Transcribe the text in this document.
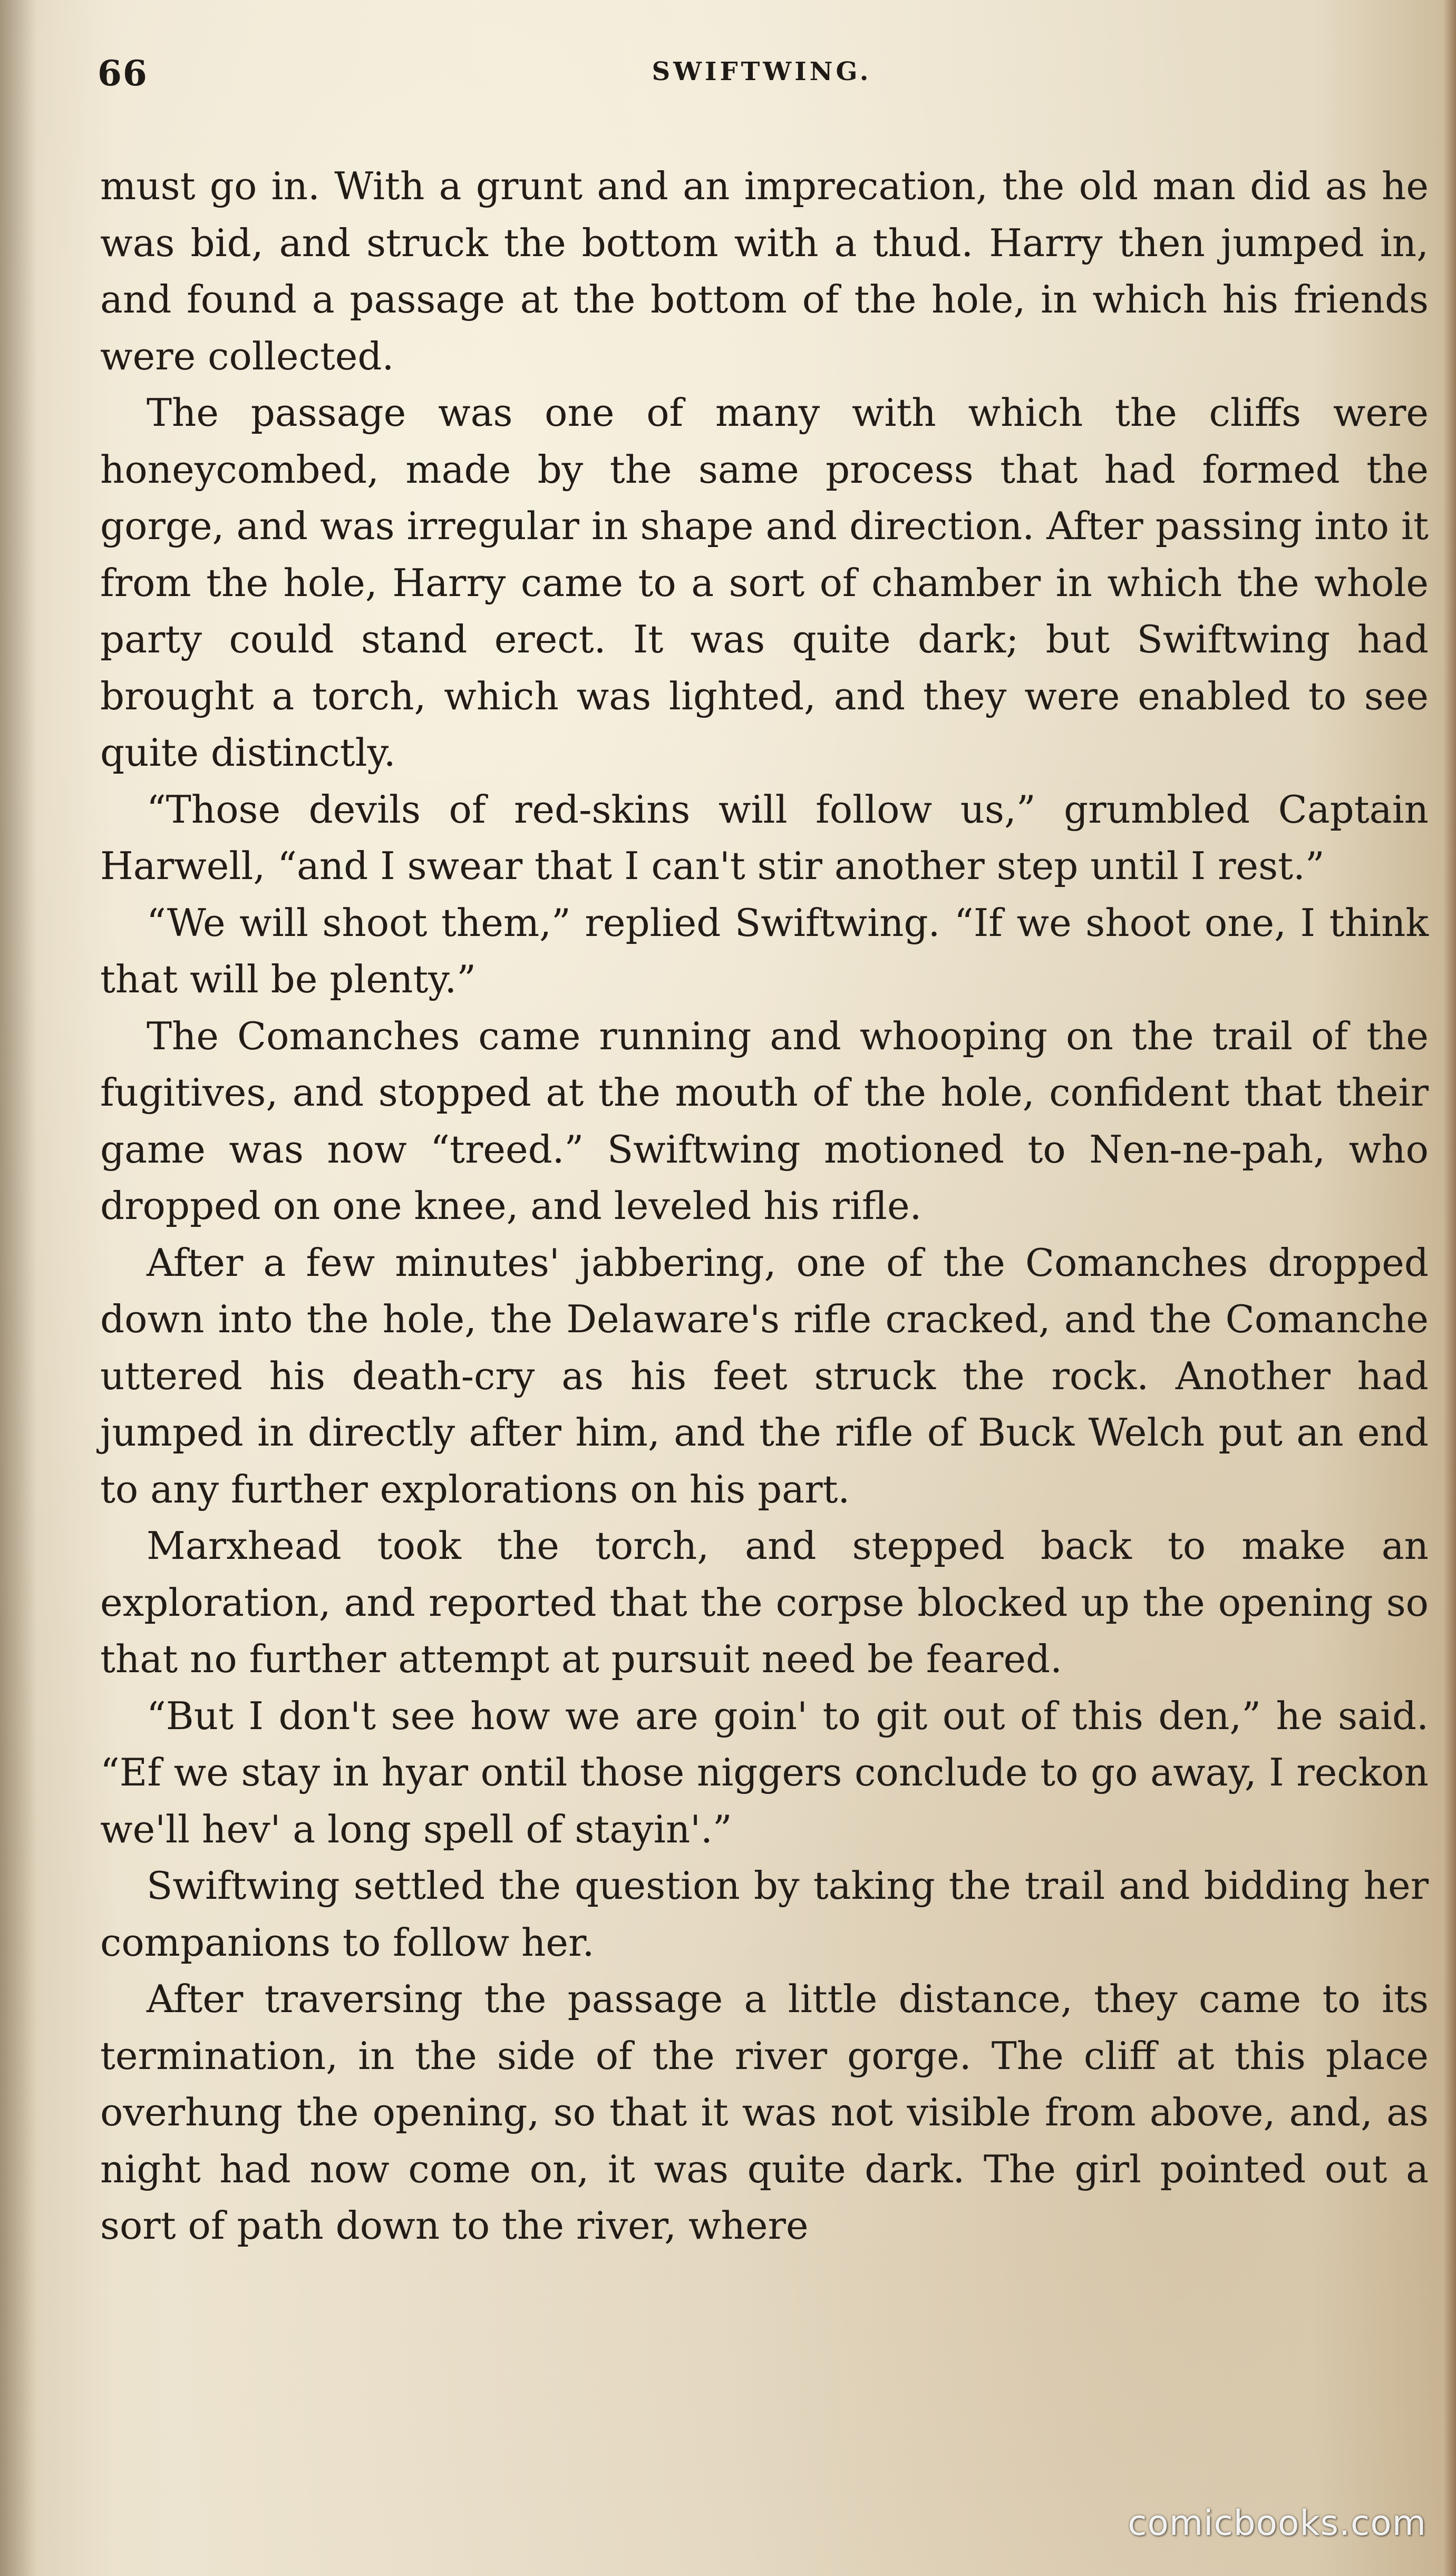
66	SWIFTWING.

must go in. With a grunt and an imprecation, the old man did as he was bid, and struck the bottom with a thud. Harry then jumped in, and found a passage at the bottom of the hole, in which his friends were collected.

The passage was one of many with which the cliffs were honeycombed, made by the same process that had formed the gorge, and was irregular in shape and direction. After passing into it from the hole, Harry came to a sort of chamber in which the whole party could stand erect. It was quite dark; but Swiftwing had brought a torch, which was lighted, and they were enabled to see quite distinctly.

“Those devils of red-skins will follow us,” grumbled Captain Harwell, “and I swear that I can't stir another step until I rest.”

“We will shoot them,” replied Swiftwing. “If we shoot one, I think that will be plenty.”

The Comanches came running and whooping on the trail of the fugitives, and stopped at the mouth of the hole, confident that their game was now “treed.” Swiftwing motioned to Nen-ne-pah, who dropped on one knee, and leveled his rifle.

After a few minutes' jabbering, one of the Comanches dropped down into the hole, the Delaware's rifle cracked, and the Comanche uttered his death-cry as his feet struck the rock. Another had jumped in directly after him, and the rifle of Buck Welch put an end to any further explorations on his part.

Marxhead took the torch, and stepped back to make an exploration, and reported that the corpse blocked up the opening so that no further attempt at pursuit need be feared.

“But I don't see how we are goin' to git out of this den,” he said. “Ef we stay in hyar ontil those niggers conclude to go away, I reckon we'll hev' a long spell of stayin'.”

Swiftwing settled the question by taking the trail and bidding her companions to follow her.

After traversing the passage a little distance, they came to its termination, in the side of the river gorge. The cliff at this place overhung the opening, so that it was not visible from above, and, as night had now come on, it was quite dark. The girl pointed out a sort of path down to the river, where

comicbooks.com
